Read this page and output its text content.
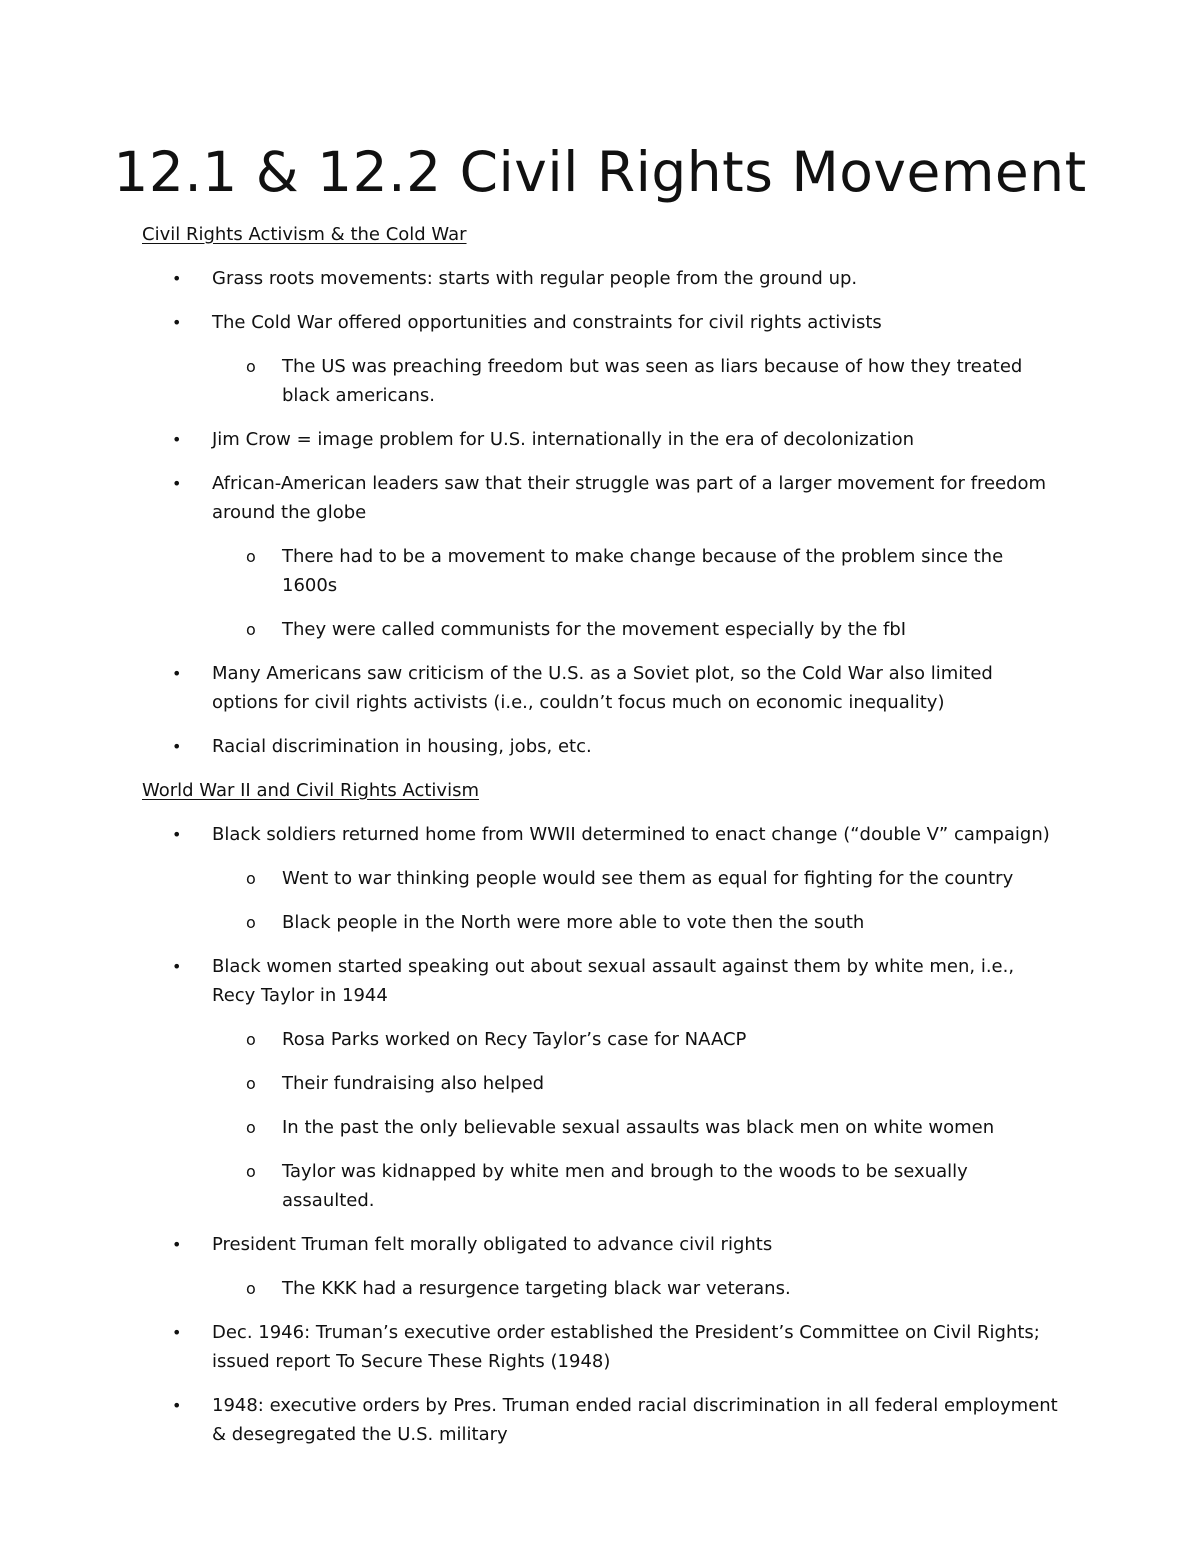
12.1 & 12.2 Civil Rights Movement
Civil Rights Activism & the Cold War
• Grass roots movements: starts with regular people from the ground up.
• The Cold War offered opportunities and constraints for civil rights activists
o The US was preaching freedom but was seen as liars because of how they treated black americans.
• Jim Crow = image problem for U.S. internationally in the era of decolonization
• African-American leaders saw that their struggle was part of a larger movement for freedom around the globe
o There had to be a movement to make change because of the problem since the 1600s
o They were called communists for the movement especially by the fbI
• Many Americans saw criticism of the U.S. as a Soviet plot, so the Cold War also limited options for civil rights activists (i.e., couldn’t focus much on economic inequality)
• Racial discrimination in housing, jobs, etc.
World War II and Civil Rights Activism
• Black soldiers returned home from WWII determined to enact change (“double V” campaign)
o Went to war thinking people would see them as equal for fighting for the country
o Black people in the North were more able to vote then the south
• Black women started speaking out about sexual assault against them by white men, i.e., Recy Taylor in 1944
o Rosa Parks worked on Recy Taylor’s case for NAACP
o Their fundraising also helped
o In the past the only believable sexual assaults was black men on white women
o Taylor was kidnapped by white men and brough to the woods to be sexually assaulted.
• President Truman felt morally obligated to advance civil rights
o The KKK had a resurgence targeting black war veterans.
• Dec. 1946: Truman’s executive order established the President’s Committee on Civil Rights; issued report To Secure These Rights (1948)
• 1948: executive orders by Pres. Truman ended racial discrimination in all federal employment & desegregated the U.S. military
